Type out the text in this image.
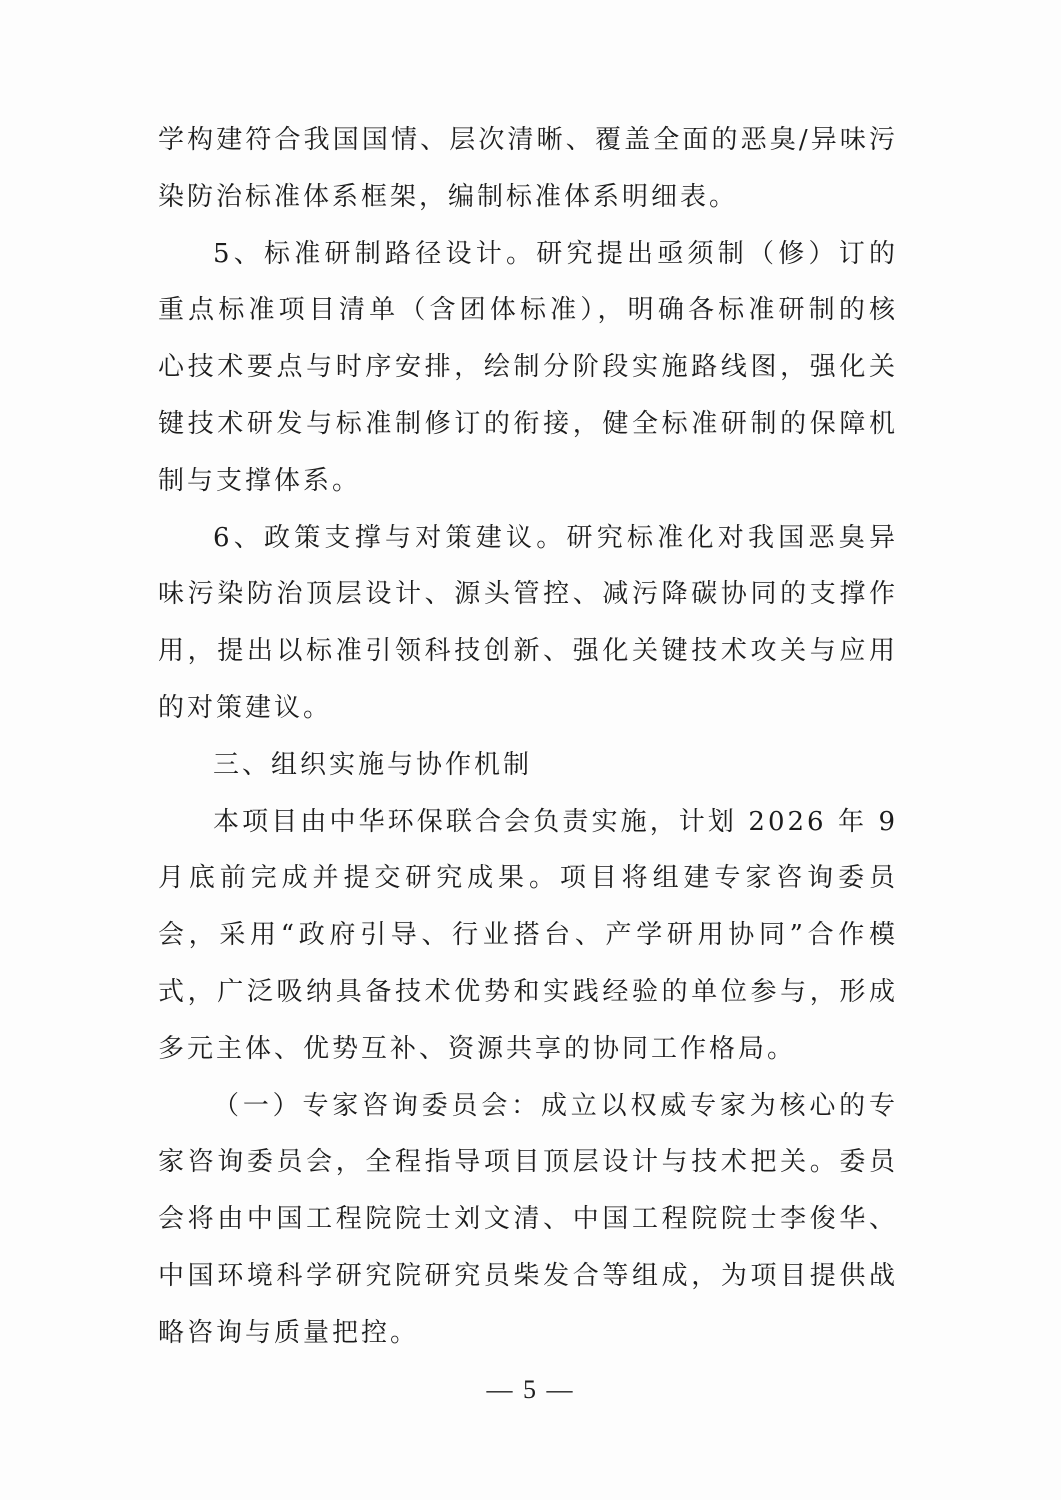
学构建符合我国国情、层次清晰、覆盖全面的恶臭/异味污染防治标准体系框架，编制标准体系明细表。

5、标准研制路径设计。研究提出亟须制（修）订的重点标准项目清单（含团体标准），明确各标准研制的核心技术要点与时序安排，绘制分阶段实施路线图，强化关键技术研发与标准制修订的衔接，健全标准研制的保障机制与支撑体系。

6、政策支撑与对策建议。研究标准化对我国恶臭异味污染防治顶层设计、源头管控、减污降碳协同的支撑作用，提出以标准引领科技创新、强化关键技术攻关与应用的对策建议。

三、组织实施与协作机制

本项目由中华环保联合会负责实施，计划 2026 年 9 月底前完成并提交研究成果。项目将组建专家咨询委员会，采用“政府引导、行业搭台、产学研用协同”合作模式，广泛吸纳具备技术优势和实践经验的单位参与，形成多元主体、优势互补、资源共享的协同工作格局。

（一）专家咨询委员会：成立以权威专家为核心的专家咨询委员会，全程指导项目顶层设计与技术把关。委员会将由中国工程院院士刘文清、中国工程院院士李俊华、中国环境科学研究院研究员柴发合等组成，为项目提供战略咨询与质量把控。

— 5 —
